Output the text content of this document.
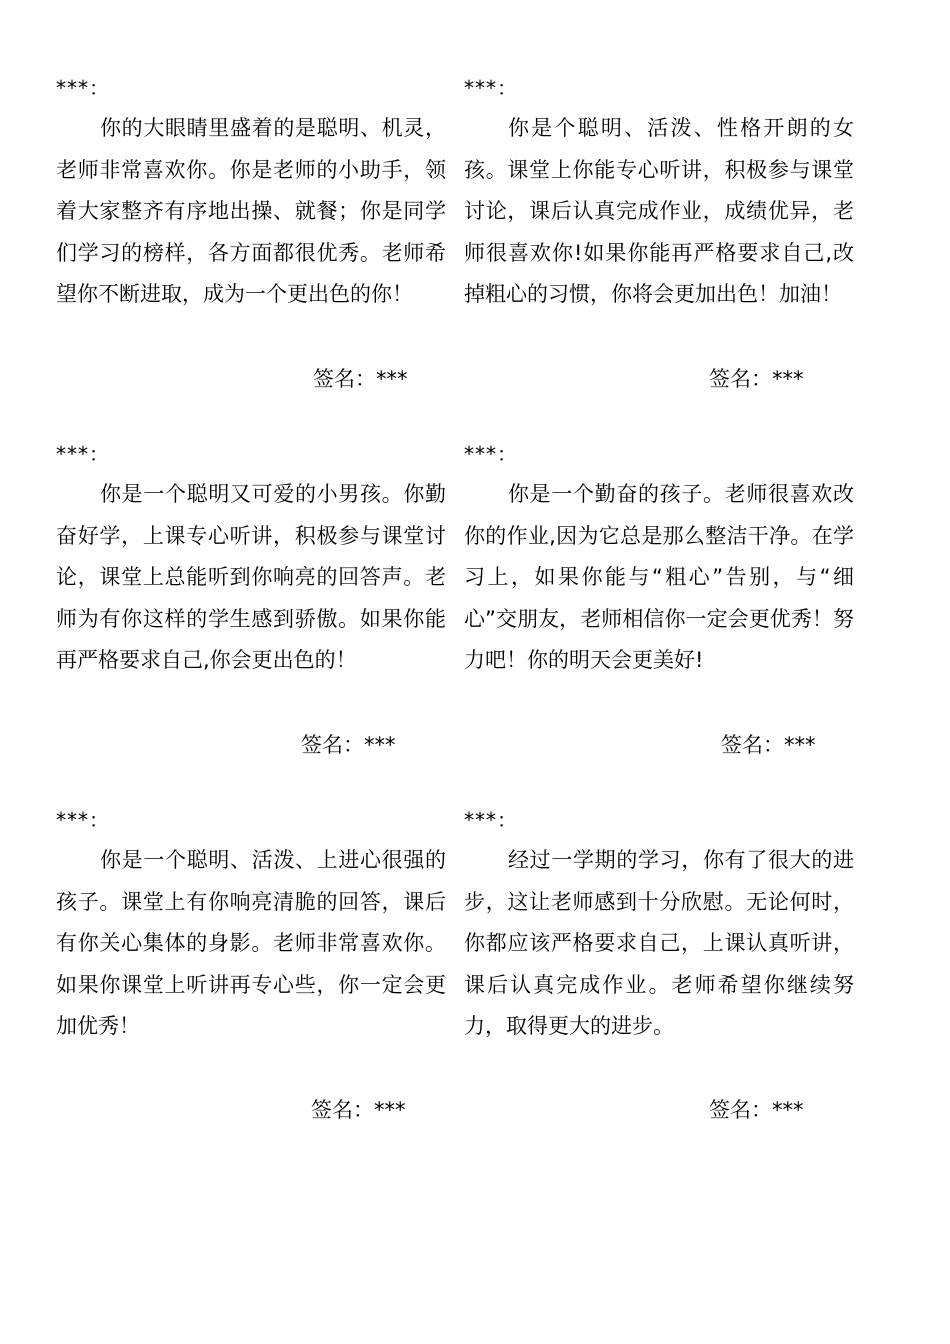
***：

你的大眼睛里盛着的是聪明、机灵，老师非常喜欢你。你是老师的小助手，领着大家整齐有序地出操、就餐；你是同学们学习的榜样，各方面都很优秀。老师希望你不断进取，成为一个更出色的你！

签名：***

***：

你是个聪明、活泼、性格开朗的女孩。课堂上你能专心听讲，积极参与课堂讨论，课后认真完成作业，成绩优异，老师很喜欢你!如果你能再严格要求自己,改掉粗心的习惯，你将会更加出色！加油！

签名：***

***：

你是一个聪明又可爱的小男孩。你勤奋好学，上课专心听讲，积极参与课堂讨论，课堂上总能听到你响亮的回答声。老师为有你这样的学生感到骄傲。如果你能再严格要求自己,你会更出色的！

签名：***

***：

你是一个勤奋的孩子。老师很喜欢改你的作业,因为它总是那么整洁干净。在学习上，如果你能与“粗心”告别，与“细心”交朋友，老师相信你一定会更优秀！努力吧！你的明天会更美好!

签名：***

***：

你是一个聪明、活泼、上进心很强的孩子。课堂上有你响亮清脆的回答，课后有你关心集体的身影。老师非常喜欢你。如果你课堂上听讲再专心些，你一定会更加优秀！

签名：***

***：

经过一学期的学习，你有了很大的进步，这让老师感到十分欣慰。无论何时，你都应该严格要求自己，上课认真听讲，课后认真完成作业。老师希望你继续努力，取得更大的进步。

签名：***
